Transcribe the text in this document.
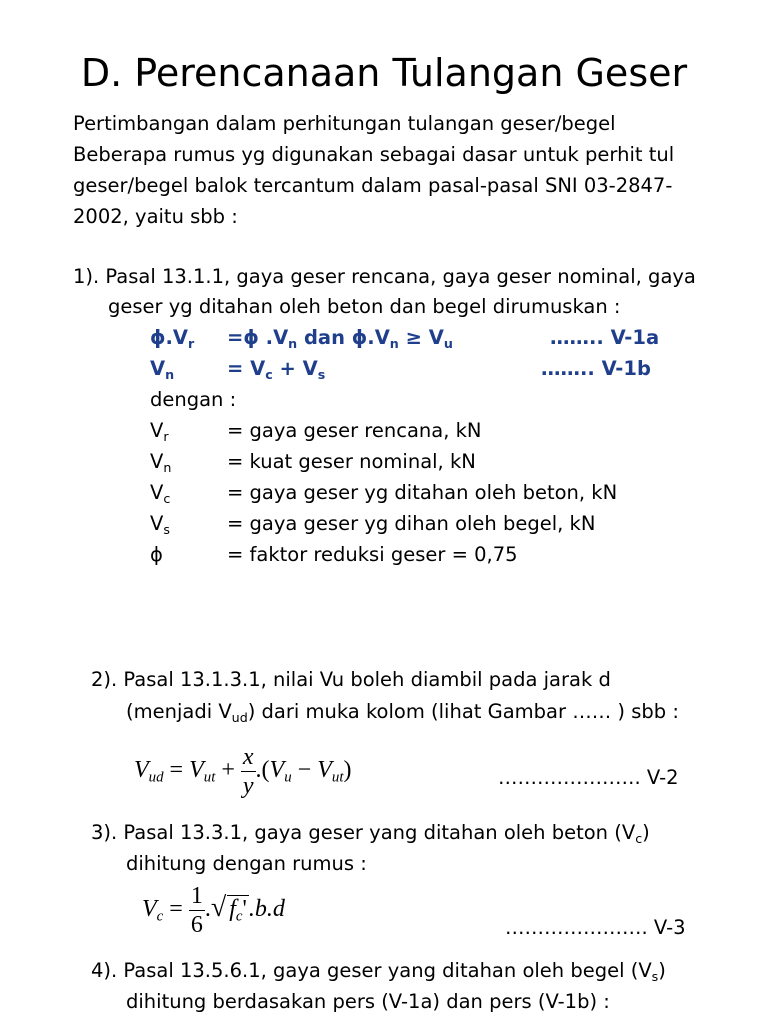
D. Perencanaan Tulangan Geser
Pertimbangan dalam perhitungan tulangan geser/begel
Beberapa rumus yg digunakan sebagai dasar untuk perhit tul
geser/begel balok tercantum dalam pasal-pasal SNI 03-2847-
2002, yaitu sbb :
1). Pasal 13.1.1, gaya geser rencana, gaya geser nominal, gaya
geser yg ditahan oleh beton dan begel dirumuskan :
$\phi.V_r =\phi$ $.V_n$ dan $\phi.V_n \ge V_u$	…….. V-1a
$V_n$	= $V_c + V_s$	…….. V-1b
dengan :
$V_r$	= gaya geser rencana, kN
$V_n$	= kuat geser nominal, kN
$V_c$	= gaya geser yg ditahan oleh beton, kN
$V_s$	= gaya geser yg dihan oleh begel, kN
ϕ	= faktor reduksi geser = 0,75
2). Pasal 13.1.3.1, nilai Vu boleh diambil pada jarak d
(menjadi $V_{ud}$) dari muka kolom (lihat Gambar …… ) sbb :
$V_{ud} = V_{ut} + \frac{x}{y} .(V_u - V_{ut})$	…………………. V-2
3). Pasal 13.3.1, gaya geser yang ditahan oleh beton $(V_c)$
dihitung dengan rumus :
$V_c = \frac{1}{6}$ .√ $f_c'.b.d$
…………………. V-3
4). Pasal 13.5.6.1, gaya geser yang ditahan oleh begel $(V_s)$
dihitung berdasakan pers (V-1a) dan pers (V-1b) :
